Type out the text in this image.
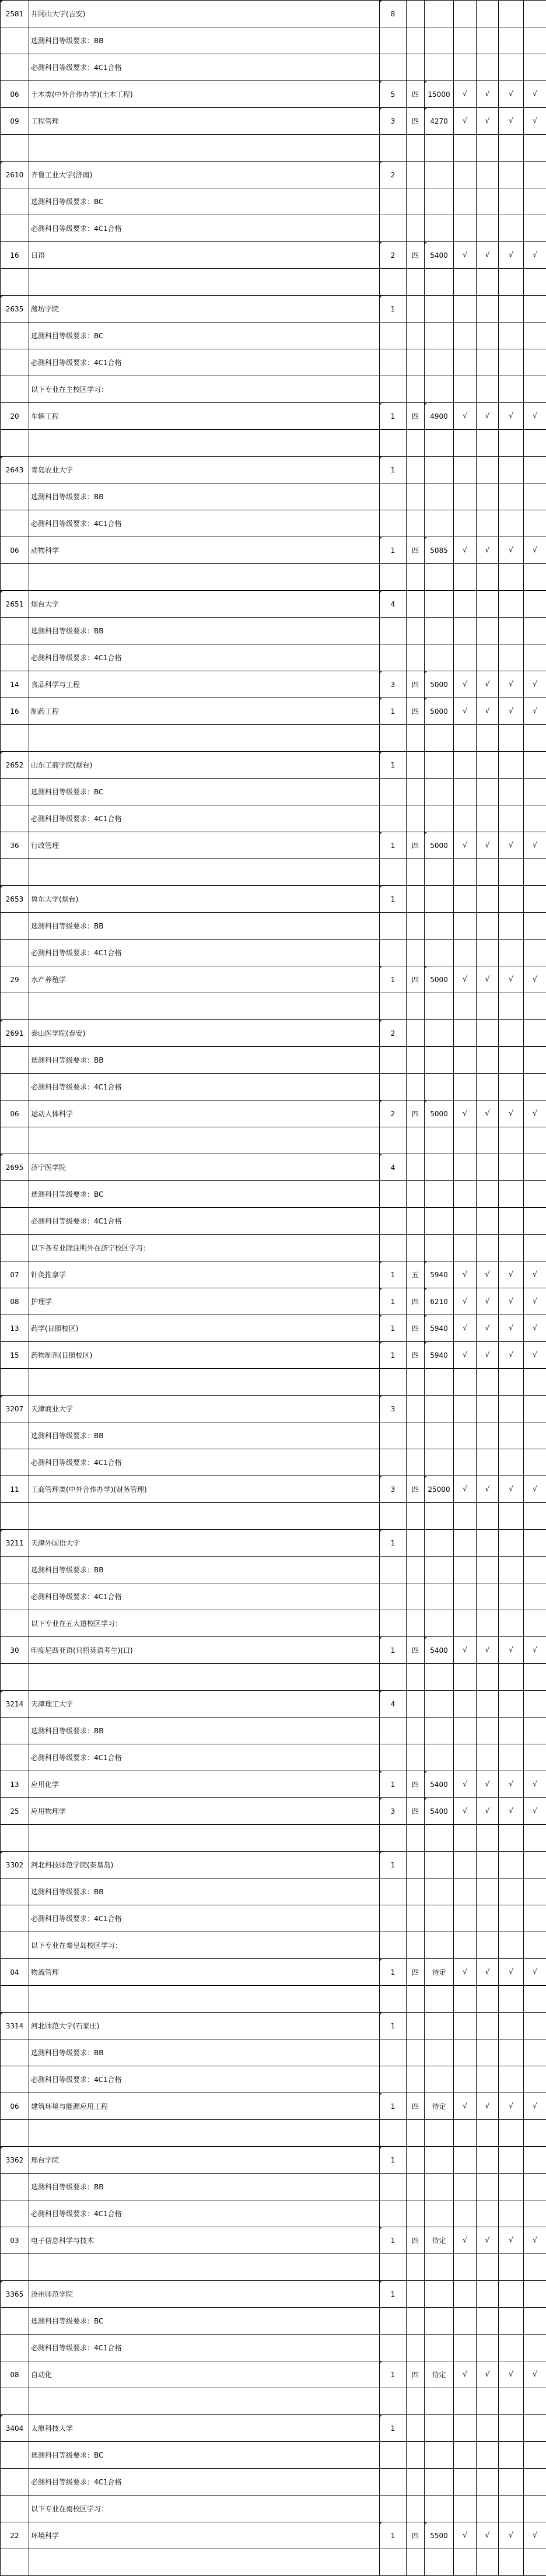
2581	井冈山大学(吉安)	8						
	选测科目等级要求：BB							
	必测科目等级要求：4C1合格							
06	土木类(中外合作办学)(土木工程)	5	四	15000	√	√	√	√
09	工程管理	3	四	4270	√	√	√	√

2610	齐鲁工业大学(济南)	2						
	选测科目等级要求：BC							
	必测科目等级要求：4C1合格							
16	日语	2	四	5400	√	√	√	√

2635	潍坊学院	1						
	选测科目等级要求：BC							
	必测科目等级要求：4C1合格							
	以下专业在主校区学习：							
20	车辆工程	1	四	4900	√	√	√	√

2643	青岛农业大学	1						
	选测科目等级要求：BB							
	必测科目等级要求：4C1合格							
06	动物科学	1	四	5085	√	√	√	√

2651	烟台大学	4						
	选测科目等级要求：BB							
	必测科目等级要求：4C1合格							
14	食品科学与工程	3	四	5000	√	√	√	√
16	制药工程	1	四	5000	√	√	√	√

2652	山东工商学院(烟台)	1						
	选测科目等级要求：BC							
	必测科目等级要求：4C1合格							
36	行政管理	1	四	5000	√	√	√	√

2653	鲁东大学(烟台)	1						
	选测科目等级要求：BB							
	必测科目等级要求：4C1合格							
29	水产养殖学	1	四	5000	√	√	√	√

2691	泰山医学院(泰安)	2						
	选测科目等级要求：BB							
	必测科目等级要求：4C1合格							
06	运动人体科学	2	四	5000	√	√	√	√

2695	济宁医学院	4						
	选测科目等级要求：BC							
	必测科目等级要求：4C1合格							
	以下各专业除注明外在济宁校区学习：							
07	针灸推拿学	1	五	5940	√	√	√	√
08	护理学	1	四	6210	√	√	√	√
13	药学(日照校区)	1	四	5940	√	√	√	√
15	药物制剂(日照校区)	1	四	5940	√	√	√	√

3207	天津商业大学	3						
	选测科目等级要求：BB							
	必测科目等级要求：4C1合格							
11	工商管理类(中外合作办学)(财务管理)	3	四	25000	√	√	√	√

3211	天津外国语大学	1						
	选测科目等级要求：BB							
	必测科目等级要求：4C1合格							
	以下专业在五大道校区学习：							
30	印度尼西亚语(只招英语考生)(口)	1	四	5400	√	√	√	√

3214	天津理工大学	4						
	选测科目等级要求：BB							
	必测科目等级要求：4C1合格							
13	应用化学	1	四	5400	√	√	√	√
25	应用物理学	3	四	5400	√	√	√	√

3302	河北科技师范学院(秦皇岛)	1						
	选测科目等级要求：BB							
	必测科目等级要求：4C1合格							
	以下专业在秦皇岛校区学习：							
04	物流管理	1	四	待定	√	√	√	√

3314	河北师范大学(石家庄)	1						
	选测科目等级要求：BB							
	必测科目等级要求：4C1合格							
06	建筑环境与能源应用工程	1	四	待定	√	√	√	√

3362	邢台学院	1						
	选测科目等级要求：BB							
	必测科目等级要求：4C1合格							
03	电子信息科学与技术	1	四	待定	√	√	√	√

3365	沧州师范学院	1						
	选测科目等级要求：BC							
	必测科目等级要求：4C1合格							
08	自动化	1	四	待定	√	√	√	√

3404	太原科技大学	1						
	选测科目等级要求：BC							
	必测科目等级要求：4C1合格							
	以下专业在南校区学习：							
22	环境科学	1	四	5500	√	√	√	√
